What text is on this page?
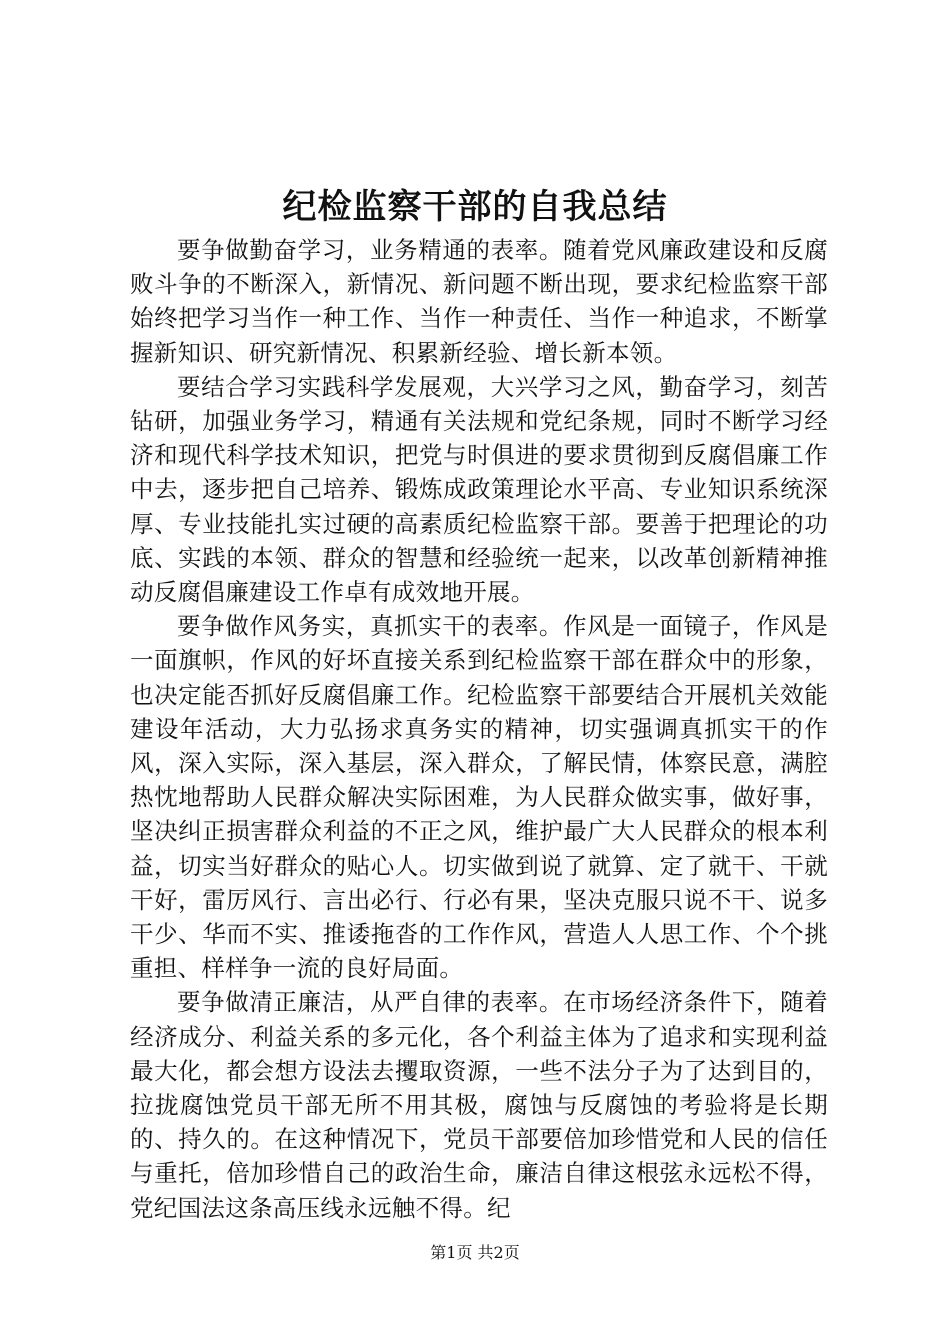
纪检监察干部的自我总结

要争做勤奋学习，业务精通的表率。随着党风廉政建设和反腐败斗争的不断深入，新情况、新问题不断出现，要求纪检监察干部始终把学习当作一种工作、当作一种责任、当作一种追求，不断掌握新知识、研究新情况、积累新经验、增长新本领。

要结合学习实践科学发展观，大兴学习之风，勤奋学习，刻苦钻研，加强业务学习，精通有关法规和党纪条规，同时不断学习经济和现代科学技术知识，把党与时俱进的要求贯彻到反腐倡廉工作中去，逐步把自己培养、锻炼成政策理论水平高、专业知识系统深厚、专业技能扎实过硬的高素质纪检监察干部。要善于把理论的功底、实践的本领、群众的智慧和经验统一起来，以改革创新精神推动反腐倡廉建设工作卓有成效地开展。

要争做作风务实，真抓实干的表率。作风是一面镜子，作风是一面旗帜，作风的好坏直接关系到纪检监察干部在群众中的形象，也决定能否抓好反腐倡廉工作。纪检监察干部要结合开展机关效能建设年活动，大力弘扬求真务实的精神，切实强调真抓实干的作风，深入实际，深入基层，深入群众，了解民情，体察民意，满腔热忱地帮助人民群众解决实际困难，为人民群众做实事，做好事，坚决纠正损害群众利益的不正之风，维护最广大人民群众的根本利益，切实当好群众的贴心人。切实做到说了就算、定了就干、干就干好，雷厉风行、言出必行、行必有果，坚决克服只说不干、说多干少、华而不实、推诿拖沓的工作作风，营造人人思工作、个个挑重担、样样争一流的良好局面。

要争做清正廉洁，从严自律的表率。在市场经济条件下，随着经济成分、利益关系的多元化，各个利益主体为了追求和实现利益最大化，都会想方设法去攫取资源，一些不法分子为了达到目的，拉拢腐蚀党员干部无所不用其极，腐蚀与反腐蚀的考验将是长期的、持久的。在这种情况下，党员干部要倍加珍惜党和人民的信任与重托，倍加珍惜自己的政治生命，廉洁自律这根弦永远松不得，党纪国法这条高压线永远触不得。纪

第1页 共2页
